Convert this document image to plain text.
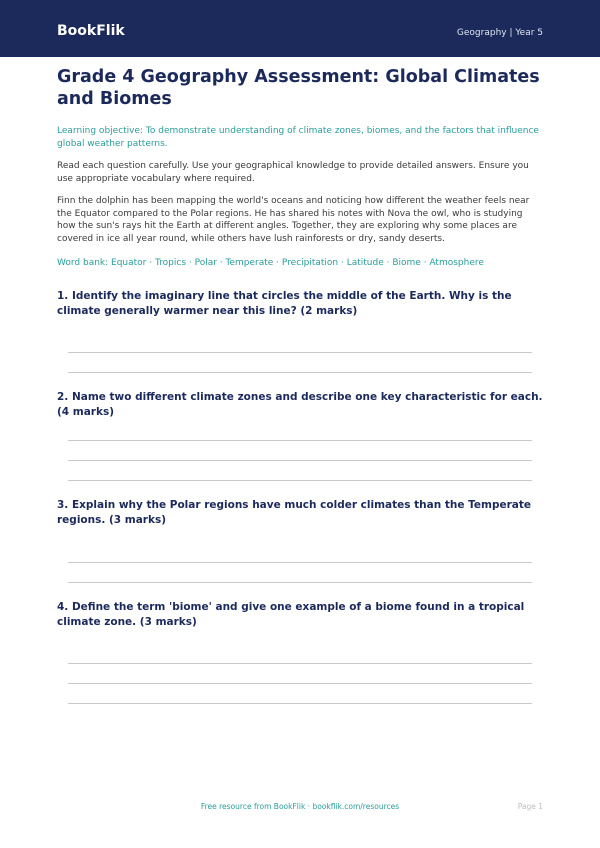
BookFlik	Geography | Year 5
Grade 4 Geography Assessment: Global Climates and Biomes

Learning objective: To demonstrate understanding of climate zones, biomes, and the factors that influence global weather patterns.

Read each question carefully. Use your geographical knowledge to provide detailed answers. Ensure you use appropriate vocabulary where required.

Finn the dolphin has been mapping the world's oceans and noticing how different the weather feels near the Equator compared to the Polar regions. He has shared his notes with Nova the owl, who is studying how the sun's rays hit the Earth at different angles. Together, they are exploring why some places are covered in ice all year round, while others have lush rainforests or dry, sandy deserts.

Word bank: Equator · Tropics · Polar · Temperate · Precipitation · Latitude · Biome · Atmosphere

1. Identify the imaginary line that circles the middle of the Earth. Why is the climate generally warmer near this line? (2 marks)
2. Name two different climate zones and describe one key characteristic for each. (4 marks)
3. Explain why the Polar regions have much colder climates than the Temperate regions. (3 marks)
4. Define the term 'biome' and give one example of a biome found in a tropical climate zone. (3 marks)
Free resource from BookFlik · bookflik.com/resources	Page 1
